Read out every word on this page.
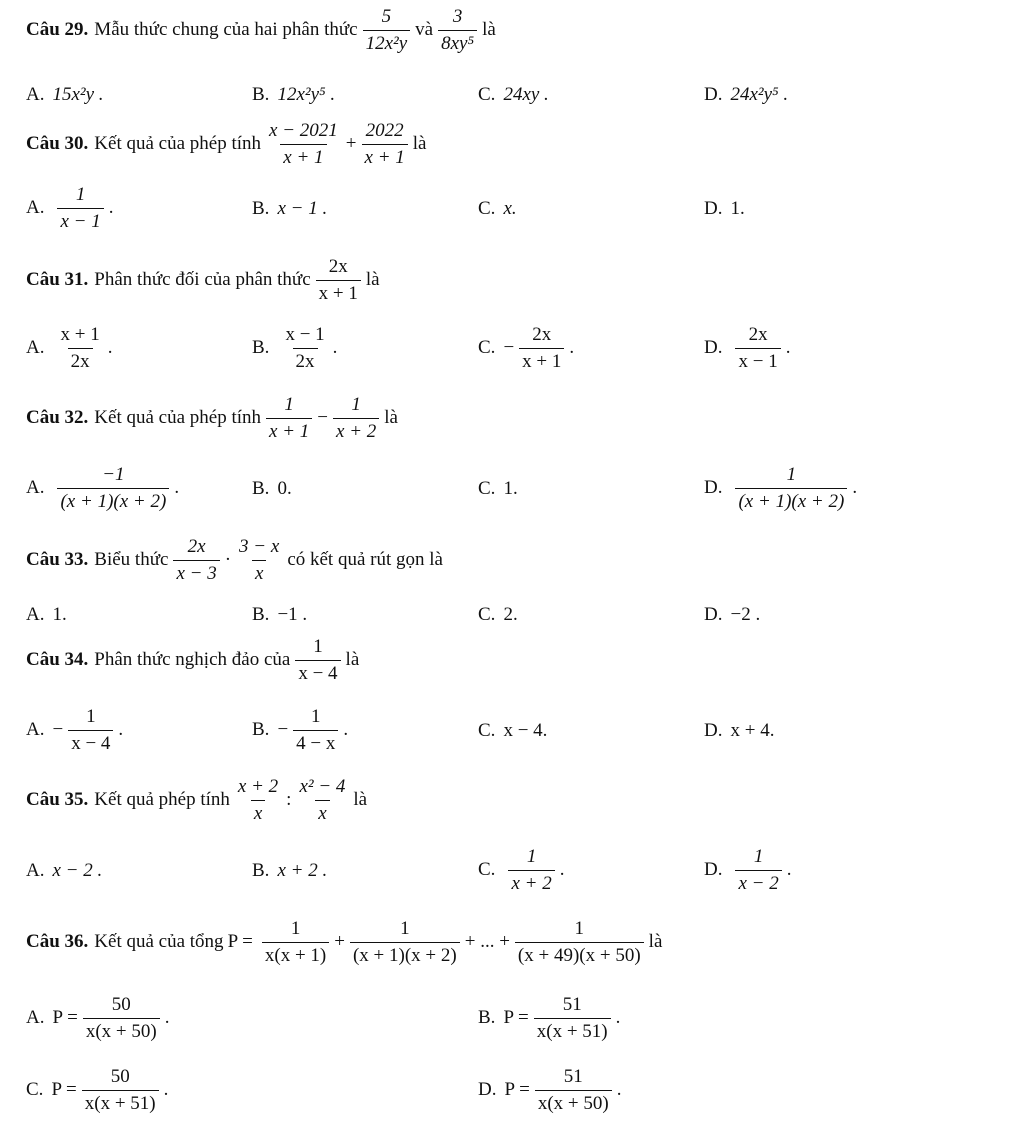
Câu 29. Mẫu thức chung của hai phân thức $\frac{5}{\text{12x²y}}$ và $\frac{3}{\text{8xy⁵}}$ là
A. 15x²y .	B. 12x²y⁵ .	C. 24xy .	D. 24x²y⁵ .
Câu 30. Kết quả của phép tính $\frac{x - 2021}{x + 1} + \frac{2022}{x + 1}$ là
A. $\frac{1}{x - 1}$ .	B. x − 1 .	C. x.	D. 1.
Câu 31. Phân thức đối của phân thức $\frac{2x}{x + 1}$ là
A. $\frac{x + 1}{2x}$ .	B. $\frac{x - 1}{2x}$ .	C. − $\frac{2x}{x + 1}$ .	D. $\frac{2x}{x - 1}$ .
Câu 32. Kết quả của phép tính $\frac{1}{x + 1} - \frac{1}{x + 2}$ là
A. $\frac{-1}{(x + 1)(x + 2)}$ .	B. 0.	C. 1.	D. $\frac{1}{(x + 1)(x + 2)}$ .
Câu 33. Biểu thức $\frac{2x}{x - 3} \cdot \frac{3 - x}{x}$ có kết quả rút gọn là
A. 1.	B. −1 .	C. 2.	D. −2 .
Câu 34. Phân thức nghịch đảo của $\frac{1}{x - 4}$ là
A. − $\frac{1}{x - 4}$ .	B. − $\frac{1}{4 - x}$ .	C. x − 4.	D. x + 4.
Câu 35. Kết quả phép tính $\frac{x + 2}{x}$ : $\frac{\text{x² − 4}}{x}$ là
A. x − 2 .	B. x + 2 .	C. $\frac{1}{x + 2}$ .	D. $\frac{1}{x - 2}$ .
Câu 36. Kết quả của tổng $P = \frac{1}{x(x + 1)} + \frac{1}{(x + 1)(x + 2)}$ + ... + $\frac{1}{(x + 49)(x + 50)}$ là
A. $P = \frac{50}{x(x + 50)}$ .	B. $P = \frac{51}{x(x + 51)}$ .
C. $P = \frac{50}{x(x + 51)}$ .	D. $P = \frac{51}{x(x + 50)}$ .
